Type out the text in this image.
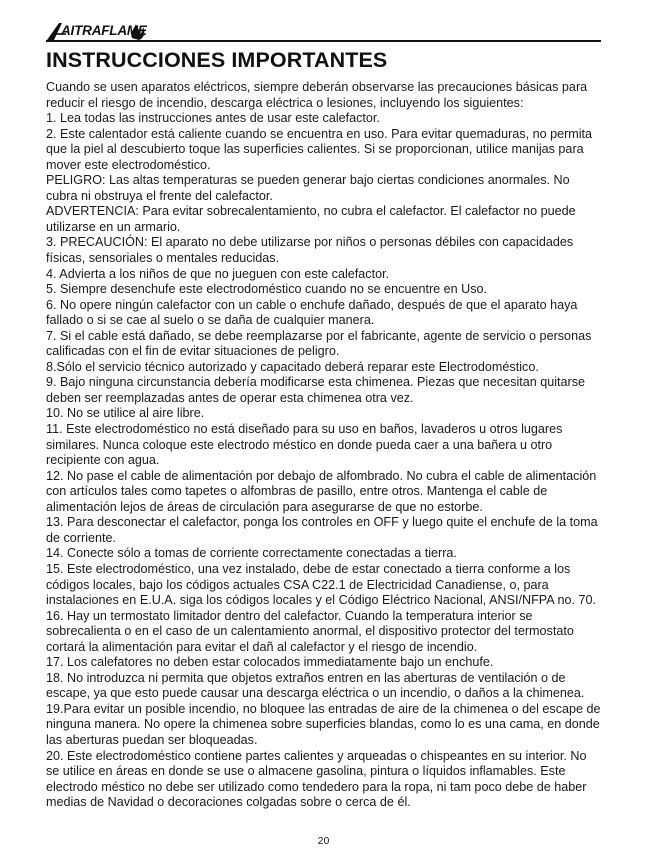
AITRAFLAME
INSTRUCCIONES IMPORTANTES

Cuando se usen aparatos eléctricos, siempre deberán observarse las precauciones básicas para reducir el riesgo de incendio, descarga eléctrica o lesiones, incluyendo los siguientes:

1. Lea todas las instrucciones antes de usar este calefactor.

2. Este calentador está caliente cuando se encuentra en uso. Para evitar quemaduras, no permita que la piel al descubierto toque las superficies calientes. Si se proporcionan, utilice manijas para mover este electrodoméstico.

PELIGRO: Las altas temperaturas se pueden generar bajo ciertas condiciones anormales. No cubra ni obstruya el frente del calefactor.

ADVERTENCIA: Para evitar sobrecalentamiento, no cubra el calefactor. El calefactor no puede utilizarse en un armario.

3. PRECAUCIÓN: El aparato no debe utilizarse por niños o personas débiles con capacidades físicas, sensoriales o mentales reducidas.

4. Advierta a los niños de que no jueguen con este calefactor.

5. Siempre desenchufe este electrodoméstico cuando no se encuentre en Uso.

6. No opere ningún calefactor con un cable o enchufe dañado, después de que el aparato haya fallado o si se cae al suelo o se daña de cualquier manera.

7. Si el cable está dañado, se debe reemplazarse por el fabricante, agente de servicio o personas calificadas con el fin de evitar situaciones de peligro.

8.Sólo el servicio técnico autorizado y capacitado deberá reparar este Electrodoméstico.

9. Bajo ninguna circunstancia debería modificarse esta chimenea. Piezas que necesitan quitarse deben ser reemplazadas antes de operar esta chimenea otra vez.

10. No se utilice al aire libre.

11. Este electrodoméstico no está diseñado para su uso en baños, lavaderos u otros lugares similares. Nunca coloque este electrodo méstico en donde pueda caer a una bañera u otro recipiente con agua.

12. No pase el cable de alimentación por debajo de alfombrado. No cubra el cable de alimentación con artículos tales como tapetes o alfombras de pasillo, entre otros. Mantenga el cable de alimentación lejos de áreas de circulación para asegurarse de que no estorbe.

13. Para desconectar el calefactor, ponga los controles en OFF y luego quite el enchufe de la toma de corriente.

14. Conecte sólo a tomas de corriente correctamente conectadas a tierra.

15. Este electrodoméstico, una vez instalado, debe de estar conectado a tierra conforme a los códigos locales, bajo los códigos actuales CSA C22.1 de Electricidad Canadiense, o, para instalaciones en E.U.A. siga los códigos locales y el Código Eléctrico Nacional, ANSI/NFPA no. 70.

16. Hay un termostato limitador dentro del calefactor. Cuando la temperatura interior se sobrecalienta o en el caso de un calentamiento anormal, el dispositivo protector del termostato cortará la alimentación para evitar el dañ al calefactor y el riesgo de incendio.

17. Los calefatores no deben estar colocados immediatamente bajo un enchufe.

18. No introduzca ni permita que objetos extraños entren en las aberturas de ventilación o de escape, ya que esto puede causar una descarga eléctrica o un incendio, o daños a la chimenea.

19.Para evitar un posible incendio, no bloquee las entradas de aire de la chimenea o del escape de ninguna manera. No opere la chimenea sobre superficies blandas, como lo es una cama, en donde las aberturas puedan ser bloqueadas.

20. Este electrodoméstico contiene partes calientes y arqueadas o chispeantes en su interior. No se utilice en áreas en donde se use o almacene gasolina, pintura o líquidos inflamables. Este electrodo méstico no debe ser utilizado como tendedero para la ropa, ni tam poco debe de haber medias de Navidad o decoraciones colgadas sobre o cerca de él.

20
